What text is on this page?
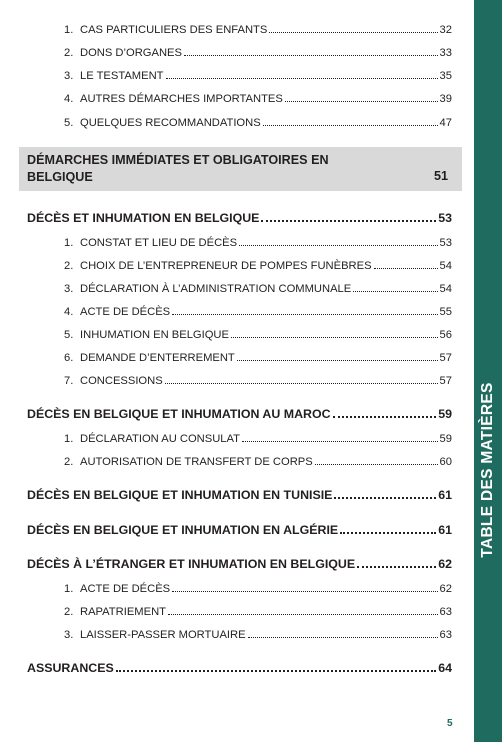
TABLE DES MATIÈRES
1. CAS PARTICULIERS DES ENFANTS	32
2. DONS D’ORGANES	33
3. LE TESTAMENT	35
4. AUTRES DÉMARCHES IMPORTANTES	39
5. QUELQUES RECOMMANDATIONS	47
DÉMARCHES IMMÉDIATES ET OBLIGATOIRES EN
BELGIQUE	51
DÉCÈS ET INHUMATION EN BELGIQUE	53
1. CONSTAT ET LIEU DE DÉCÈS	53
2. CHOIX DE L’ENTREPRENEUR DE POMPES FUNÈBRES	54
3. DÉCLARATION À L’ADMINISTRATION COMMUNALE	54
4. ACTE DE DÉCÈS	55
5. INHUMATION EN BELGIQUE	56
6. DEMANDE D’ENTERREMENT	57
7. CONCESSIONS	57
DÉCÈS EN BELGIQUE ET INHUMATION AU MAROC	59
1. DÉCLARATION AU CONSULAT	59
2. AUTORISATION DE TRANSFERT DE CORPS	60
DÉCÈS EN BELGIQUE ET INHUMATION EN TUNISIE	61
DÉCÈS EN BELGIQUE ET INHUMATION EN ALGÉRIE	61
DÉCÈS À L’ÉTRANGER ET INHUMATION EN BELGIQUE	62
1. ACTE DE DÉCÈS	62
2. RAPATRIEMENT	63
3. LAISSER-PASSER MORTUAIRE	63
ASSURANCES	64
5
